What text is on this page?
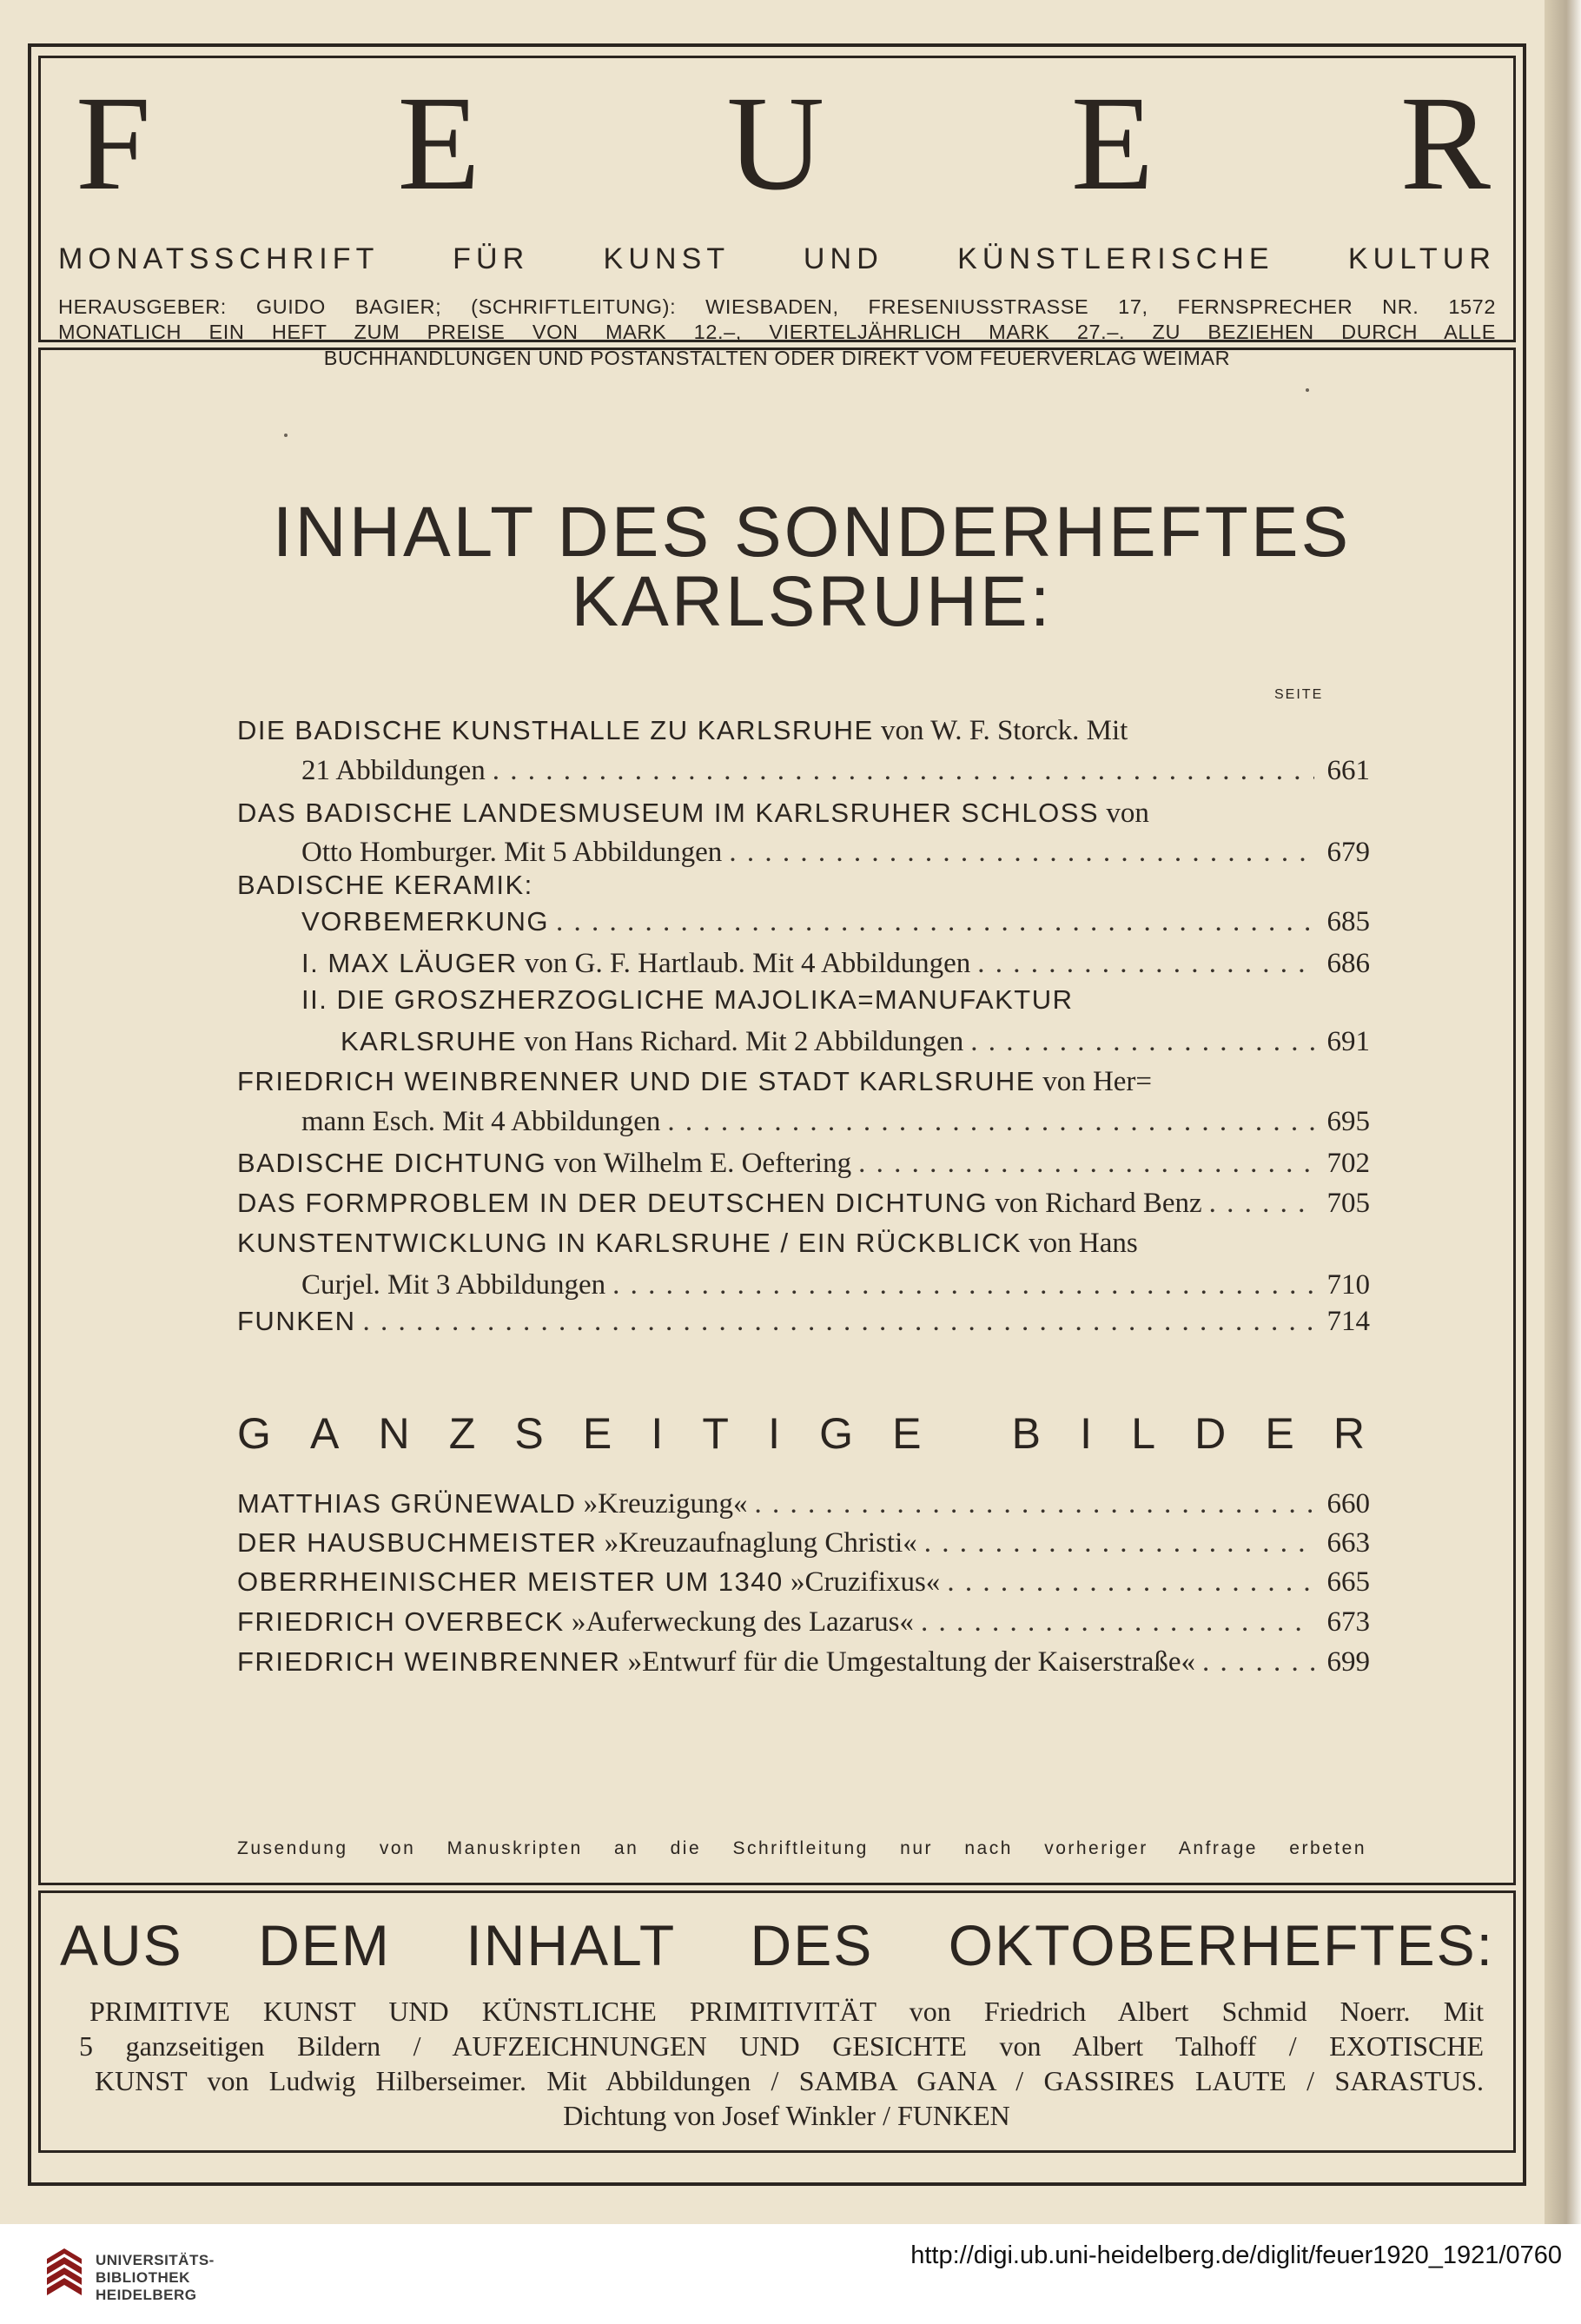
F E U E R
MONATSSCHRIFT FÜR KUNST UND KÜNSTLERISCHE KULTUR
HERAUSGEBER: GUIDO BAGIER; (SCHRIFTLEITUNG): WIESBADEN, FRESENIUSSTRASSE 17, FERNSPRECHER NR. 1572
MONATLICH EIN HEFT ZUM PREISE VON MARK 12.–, VIERTELJÄHRLICH MARK 27.–. ZU BEZIEHEN DURCH ALLE
BUCHHANDLUNGEN UND POSTANSTALTEN ODER DIREKT VOM FEUERVERLAG WEIMAR
INHALT DES SONDERHEFTES
KARLSRUHE:
SEITE
DIE BADISCHE KUNSTHALLE ZU KARLSRUHE von W. F. Storck. Mit
21 Abbildungen . . .	661
DAS BADISCHE LANDESMUSEUM IM KARLSRUHER SCHLOSS von
Otto Homburger. Mit 5 Abbildungen . . .	679
BADISCHE KERAMIK:
VORBEMERKUNG . . .	685
I. MAX LÄUGER von G. F. Hartlaub. Mit 4 Abbildungen . . .	686
II. DIE GROSZHERZOGLICHE MAJOLIKA=MANUFAKTUR
KARLSRUHE von Hans Richard. Mit 2 Abbildungen . . .	691
FRIEDRICH WEINBRENNER UND DIE STADT KARLSRUHE von Her=
mann Esch. Mit 4 Abbildungen . . .	695
BADISCHE DICHTUNG von Wilhelm E. Oeftering . . .	702
DAS FORMPROBLEM IN DER DEUTSCHEN DICHTUNG von Richard Benz . . .	705
KUNSTENTWICKLUNG IN KARLSRUHE / EIN RÜCKBLICK von Hans
Curjel. Mit 3 Abbildungen . . .	710
FUNKEN . . .	714
MATTHIAS GRÜNEWALD »Kreuzigung« . . .	660
DER HAUSBUCHMEISTER »Kreuzaufnaglung Christi« . . .	663
OBERRHEINISCHER MEISTER UM 1340 »Cruzifixus« . . .	665
FRIEDRICH OVERBECK »Auferweckung des Lazarus« . . .	673
FRIEDRICH WEINBRENNER »Entwurf für die Umgestaltung der Kaiserstraße« . . .	699
G A N Z S E I T I G E
B I L D E R
Zusendung von Manuskripten an die Schriftleitung nur nach vorheriger Anfrage erbeten
AUS DEM INHALT DES OKTOBERHEFTES:
PRIMITIVE KUNST UND KÜNSTLICHE PRIMITIVITÄT von Friedrich Albert Schmid Noerr. Mit
5 ganzseitigen Bildern / AUFZEICHNUNGEN UND GESICHTE von Albert Talhoff / EXOTISCHE
KUNST von Ludwig Hilberseimer. Mit Abbildungen / SAMBA GANA / GASSIRES LAUTE / SARASTUS.
Dichtung von Josef Winkler / FUNKEN
UNIVERSITÄTS-
BIBLIOTHEK
HEIDELBERG
http://digi.ub.uni-heidelberg.de/diglit/feuer1920_1921/0760
